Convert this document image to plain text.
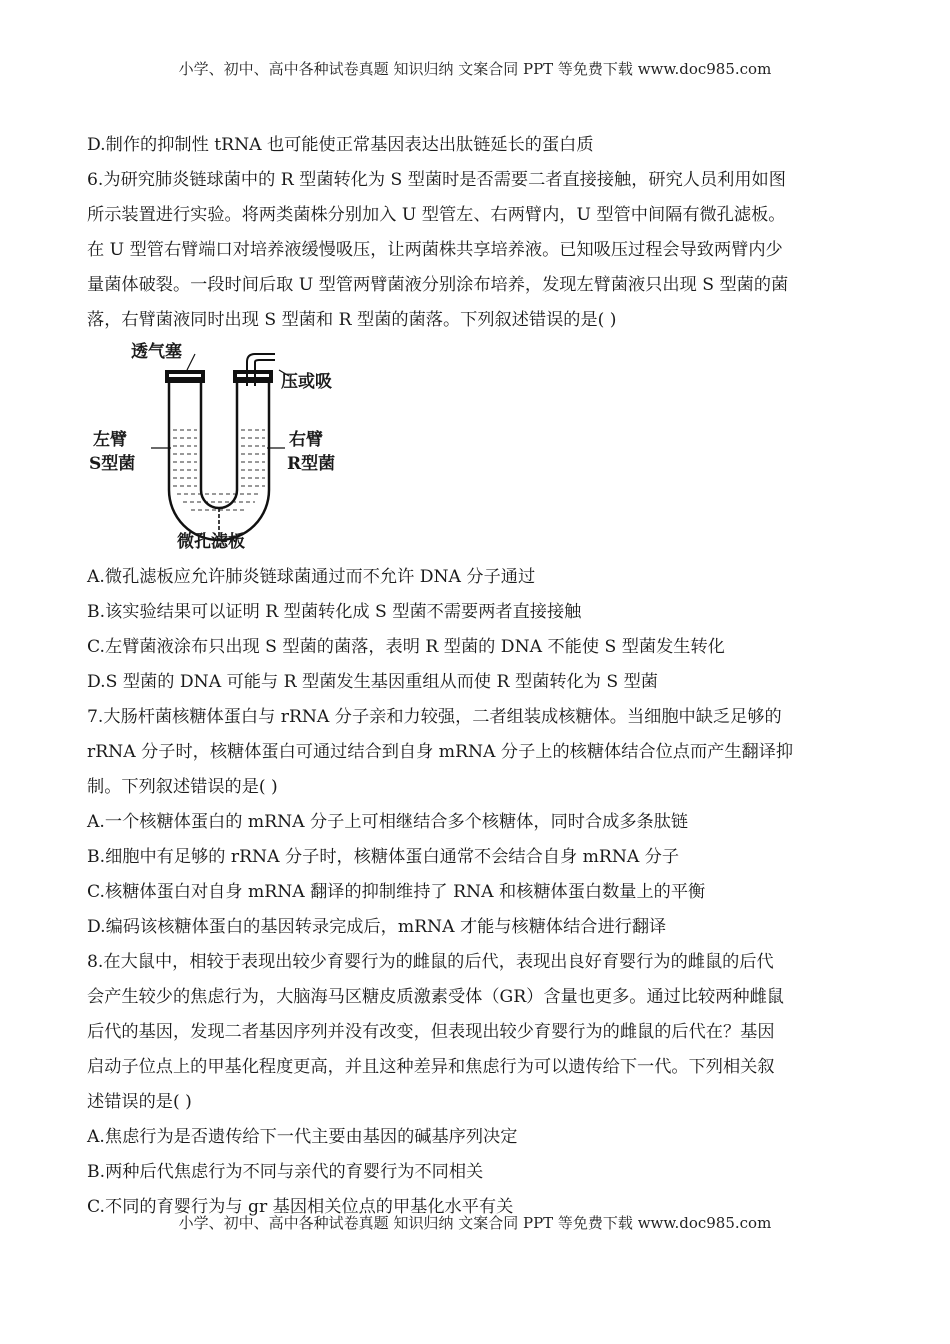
小学、初中、高中各种试卷真题 知识归纳 文案合同 PPT 等免费下载 www.doc985.com
D.制作的抑制性 tRNA 也可能使正常基因表达出肽链延长的蛋白质
6.为研究肺炎链球菌中的 R 型菌转化为 S 型菌时是否需要二者直接接触，研究人员利用如图
所示装置进行实验。将两类菌株分别加入 U 型管左、右两臂内，U 型管中间隔有微孔滤板。
在 U 型管右臂端口对培养液缓慢吸压，让两菌株共享培养液。已知吸压过程会导致两臂内少
量菌体破裂。一段时间后取 U 型管两臂菌液分别涂布培养，发现左臂菌液只出现 S 型菌的菌
落，右臂菌液同时出现 S 型菌和 R 型菌的菌落。下列叙述错误的是( )
透气塞
压或吸
左臂
S型菌
右臂
R型菌
微孔滤板
A.微孔滤板应允许肺炎链球菌通过而不允许 DNA 分子通过
B.该实验结果可以证明 R 型菌转化成 S 型菌不需要两者直接接触
C.左臂菌液涂布只出现 S 型菌的菌落，表明 R 型菌的 DNA 不能使 S 型菌发生转化
D.S 型菌的 DNA 可能与 R 型菌发生基因重组从而使 R 型菌转化为 S 型菌
7.大肠杆菌核糖体蛋白与 rRNA 分子亲和力较强，二者组装成核糖体。当细胞中缺乏足够的
rRNA 分子时，核糖体蛋白可通过结合到自身 mRNA 分子上的核糖体结合位点而产生翻译抑
制。下列叙述错误的是( )
A.一个核糖体蛋白的 mRNA 分子上可相继结合多个核糖体，同时合成多条肽链
B.细胞中有足够的 rRNA 分子时，核糖体蛋白通常不会结合自身 mRNA 分子
C.核糖体蛋白对自身 mRNA 翻译的抑制维持了 RNA 和核糖体蛋白数量上的平衡
D.编码该核糖体蛋白的基因转录完成后，mRNA 才能与核糖体结合进行翻译
8.在大鼠中，相较于表现出较少育婴行为的雌鼠的后代，表现出良好育婴行为的雌鼠的后代
会产生较少的焦虑行为，大脑海马区糖皮质激素受体（GR）含量也更多。通过比较两种雌鼠
后代的基因，发现二者基因序列并没有改变，但表现出较少育婴行为的雌鼠的后代在？基因
启动子位点上的甲基化程度更高，并且这种差异和焦虑行为可以遗传给下一代。下列相关叙
述错误的是( )
A.焦虑行为是否遗传给下一代主要由基因的碱基序列决定
B.两种后代焦虑行为不同与亲代的育婴行为不同相关
C.不同的育婴行为与 gr 基因相关位点的甲基化水平有关
小学、初中、高中各种试卷真题 知识归纳 文案合同 PPT 等免费下载 www.doc985.com
